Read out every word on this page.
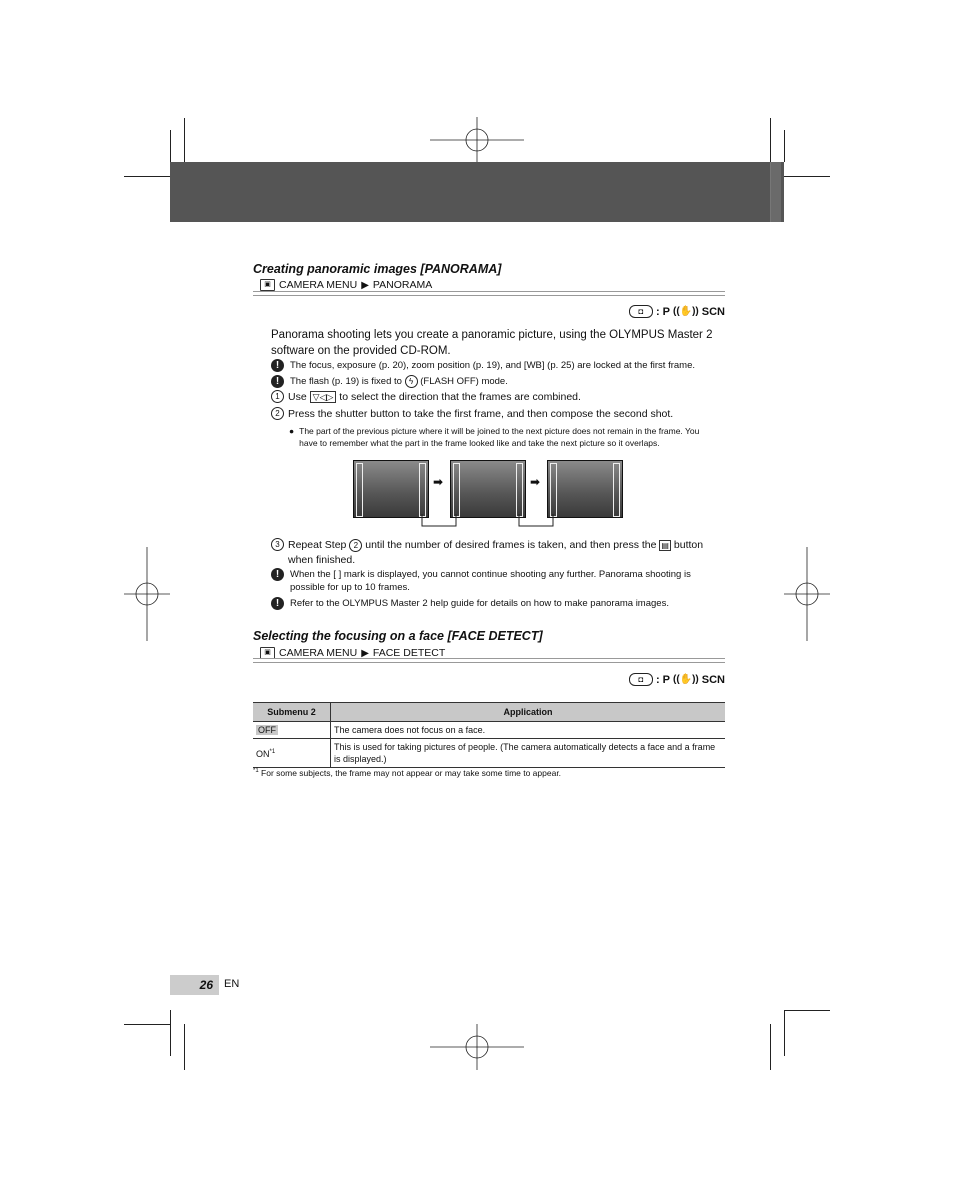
Creating panoramic images [PANORAMA]
▣ CAMERA MENU ▶ PANORAMA
◘	: P ((✋)) SCN
Panorama shooting lets you create a panoramic picture, using the OLYMPUS Master 2 software on the provided CD-ROM.
!	The focus, exposure (p. 20), zoom position (p. 19), and [WB] (p. 25) are locked at the first frame.
!	The flash (p. 19) is fixed to ϟ (FLASH OFF) mode.
1 Use ▽◁▷ to select the direction that the frames are combined.
2 Press the shutter button to take the first frame, and then compose the second shot.
● The part of the previous picture where it will be joined to the next picture does not remain in the frame. You have to remember what the part in the frame looked like and take the next picture so it overlaps.
➡	➡
3 Repeat Step 2 until the number of desired frames is taken, and then press the ▤ button when finished.
!	When the [ ] mark is displayed, you cannot continue shooting any further. Panorama shooting is possible for up to 10 frames.
!	Refer to the OLYMPUS Master 2 help guide for details on how to make panorama images.
Selecting the focusing on a face [FACE DETECT]
▣ CAMERA MENU ▶ FACE DETECT
◘	: P ((✋)) SCN
Submenu 2	Application
OFF	The camera does not focus on a face.
ON$^{*1}$	This is used for taking pictures of people. (The camera automatically detects a face and a frame is displayed.)
$^{*1}$ For some subjects, the frame may not appear or may take some time to appear.
26	EN
